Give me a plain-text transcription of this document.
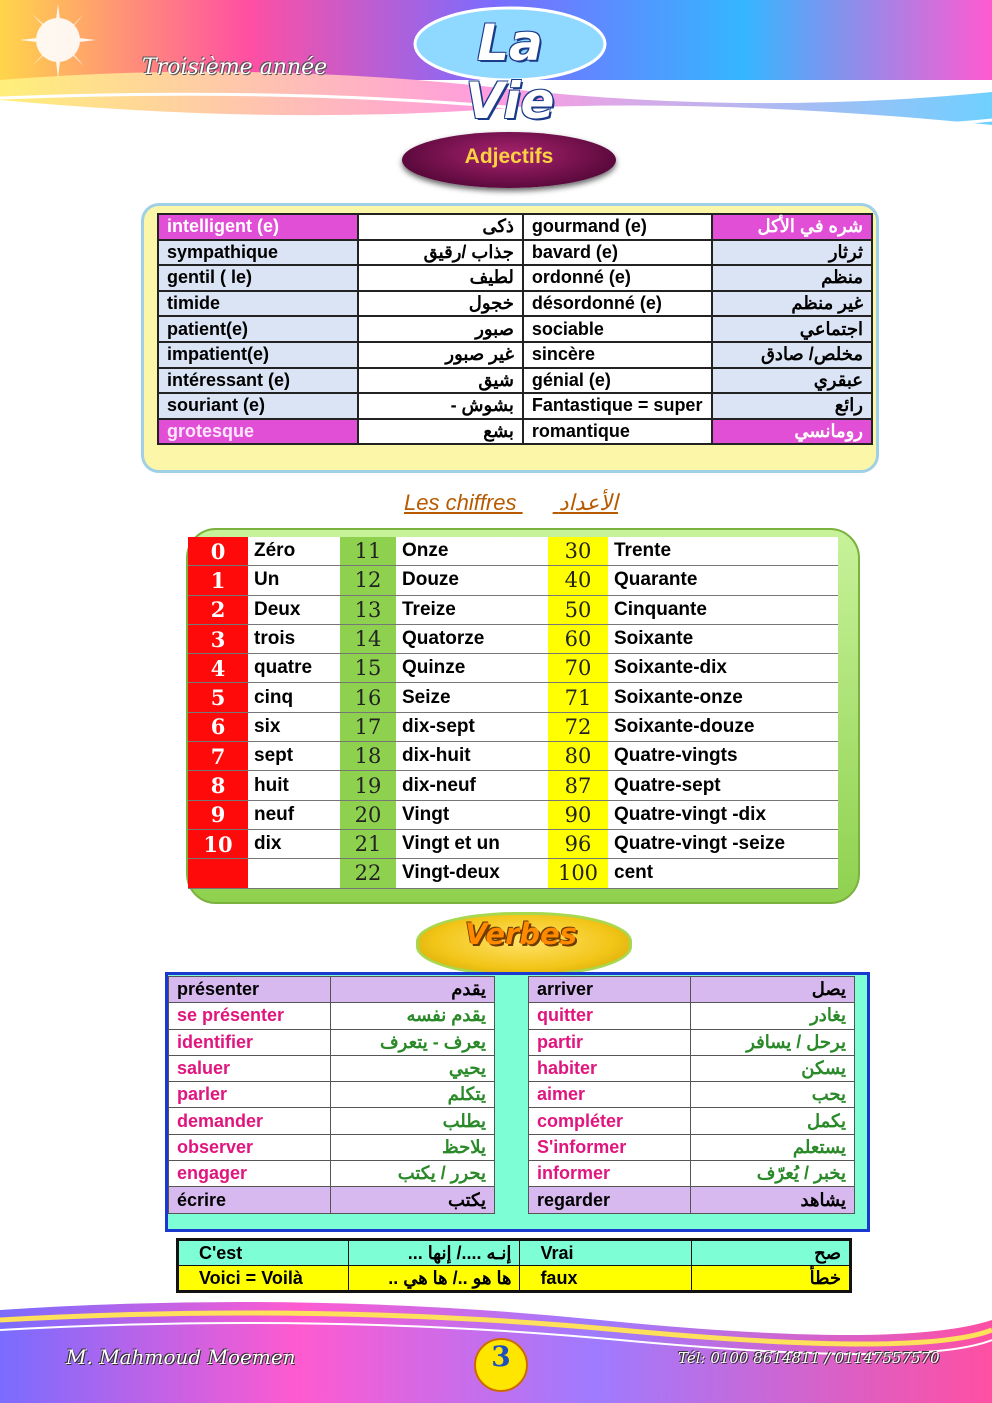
La Vie
Troisième année
Adjectifs
intelligent (e)	ذكى	gourmand (e)	شره في الأكل
sympathique	جذاب /رقيق	bavard (e)	ثرثار
gentil ( le)	لطيف	ordonné (e)	منظم
timide	خجول	désordonné (e)	غير منظم
patient(e)	صبور	sociable	اجتماعي
impatient(e)	غير صبور	sincère	مخلص/ صادق
intéressant (e)	شيق	génial (e)	عبقري
souriant (e)	بشوش -	Fantastique = super	رائع
grotesque	بشع	romantique	رومانسي
Les chiffres الأعداد
0	Zéro	11	Onze	30	Trente
1	Un	12	Douze	40	Quarante
2	Deux	13	Treize	50	Cinquante
3	trois	14	Quatorze	60	Soixante
4	quatre	15	Quinze	70	Soixante-dix
5	cinq	16	Seize	71	Soixante-onze
6	six	17	dix-sept	72	Soixante-douze
7	sept	18	dix-huit	80	Quatre-vingts
8	huit	19	dix-neuf	87	Quatre-sept
9	neuf	20	Vingt	90	Quatre-vingt -dix
10	dix	21	Vingt et un	96	Quatre-vingt -seize
		22	Vingt-deux	100	cent
Verbes
présenter	يقدم
se présenter	يقدم نفسه
identifier	يعرف - يتعرف
saluer	يحيي
parler	يتكلم
demander	يطلب
observer	يلاحظ
engager	يحرر / يكتب
écrire	يكتب
arriver	يصل
quitter	يغادر
partir	يرحل / يسافر
habiter	يسكن
aimer	يحب
compléter	يكمل
S'informer	يستعلم
informer	يخبر / يُعرّف
regarder	يشاهد
C'est	إنـه ..../ إنها ...	Vrai	صح
Voici = Voilà	ها هو ../ ها هي ..	faux	خطأ
M. Mahmoud Moemen	3	Tél: 0100 8614811 / 01147557570
